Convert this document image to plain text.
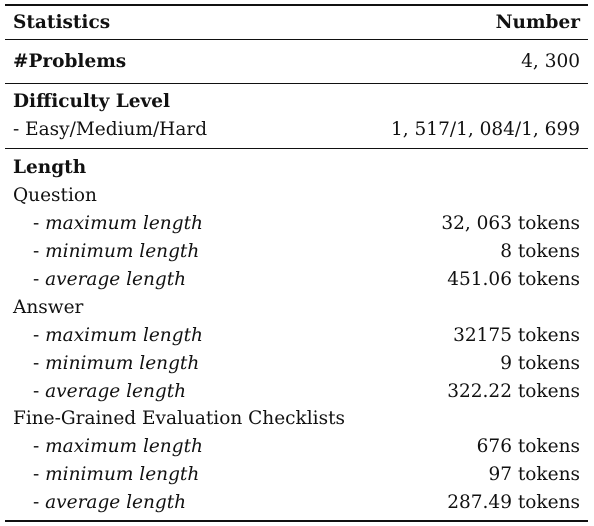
Statistics	Number
#Problems	4, 300
Difficulty Level
- Easy/Medium/Hard	1, 517/1, 084/1, 699
Length
Question
- maximum length	32, 063 tokens
- minimum length	8 tokens
- average length	451.06 tokens
Answer
- maximum length	32175 tokens
- minimum length	9 tokens
- average length	322.22 tokens
Fine-Grained Evaluation Checklists
- maximum length	676 tokens
- minimum length	97 tokens
- average length	287.49 tokens
